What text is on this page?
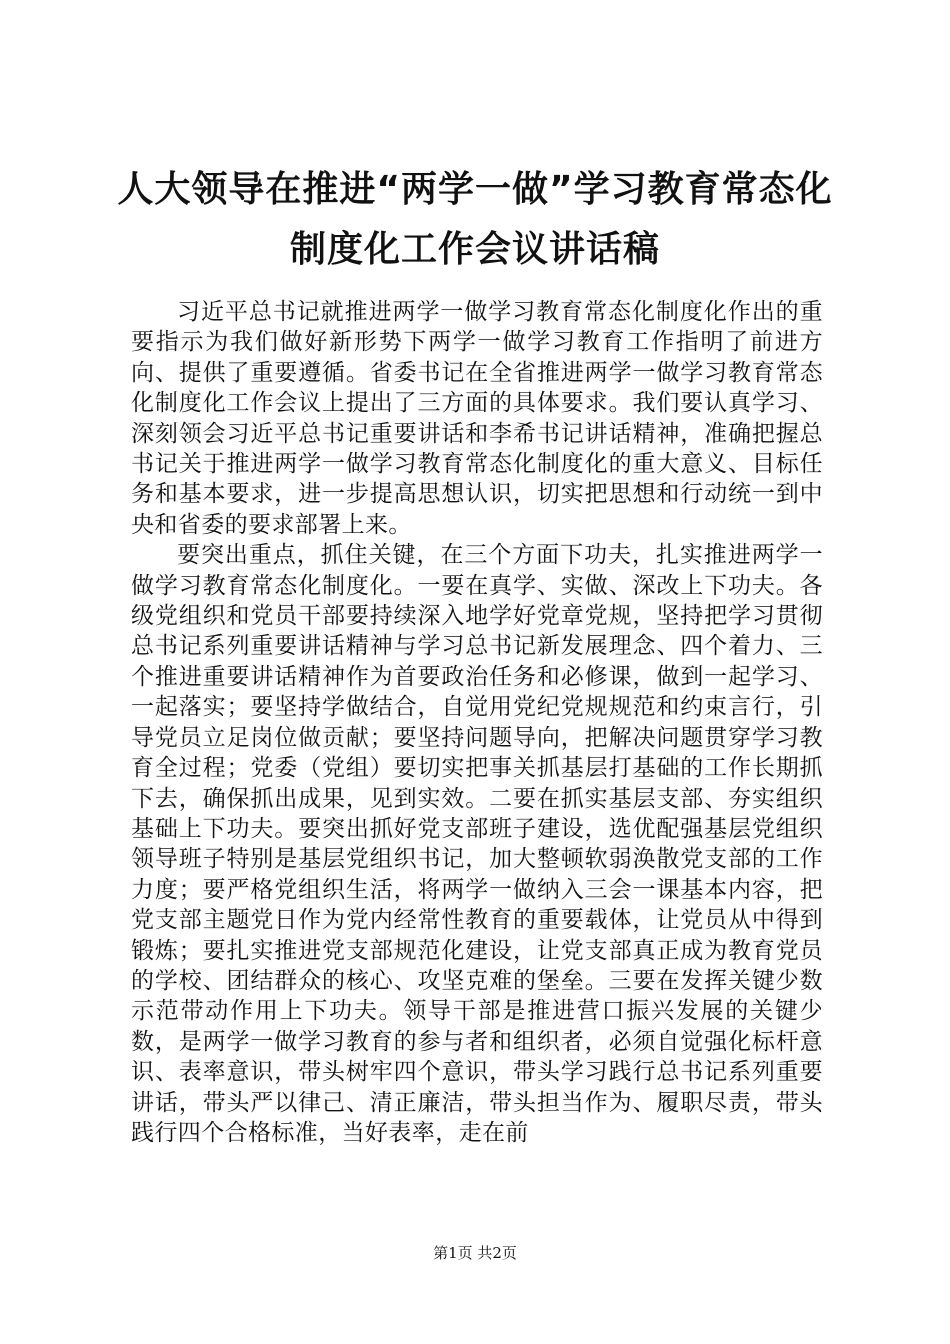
人大领导在推进“两学一做”学习教育常态化
制度化工作会议讲话稿

习近平总书记就推进两学一做学习教育常态化制度化作出的重要指示为我们做好新形势下两学一做学习教育工作指明了前进方向、提供了重要遵循。省委书记在全省推进两学一做学习教育常态化制度化工作会议上提出了三方面的具体要求。我们要认真学习、深刻领会习近平总书记重要讲话和李希书记讲话精神，准确把握总书记关于推进两学一做学习教育常态化制度化的重大意义、目标任务和基本要求，进一步提高思想认识，切实把思想和行动统一到中央和省委的要求部署上来。

要突出重点，抓住关键，在三个方面下功夫，扎实推进两学一做学习教育常态化制度化。一要在真学、实做、深改上下功夫。各级党组织和党员干部要持续深入地学好党章党规，坚持把学习贯彻总书记系列重要讲话精神与学习总书记新发展理念、四个着力、三个推进重要讲话精神作为首要政治任务和必修课，做到一起学习、一起落实；要坚持学做结合，自觉用党纪党规规范和约束言行，引导党员立足岗位做贡献；要坚持问题导向，把解决问题贯穿学习教育全过程；党委（党组）要切实把事关抓基层打基础的工作长期抓下去，确保抓出成果，见到实效。二要在抓实基层支部、夯实组织基础上下功夫。要突出抓好党支部班子建设，选优配强基层党组织领导班子特别是基层党组织书记，加大整顿软弱涣散党支部的工作力度；要严格党组织生活，将两学一做纳入三会一课基本内容，把党支部主题党日作为党内经常性教育的重要载体，让党员从中得到锻炼；要扎实推进党支部规范化建设，让党支部真正成为教育党员的学校、团结群众的核心、攻坚克难的堡垒。三要在发挥关键少数示范带动作用上下功夫。领导干部是推进营口振兴发展的关键少数，是两学一做学习教育的参与者和组织者，必须自觉强化标杆意识、表率意识，带头树牢四个意识，带头学习践行总书记系列重要讲话，带头严以律己、清正廉洁，带头担当作为、履职尽责，带头践行四个合格标准，当好表率，走在前

第1页 共2页
